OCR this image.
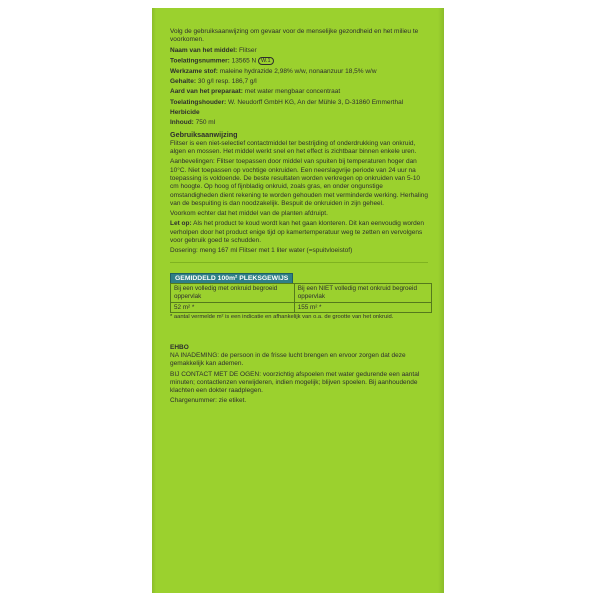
Volg de gebruiksaanwijzing om gevaar voor de menselijke gezondheid en het milieu te voorkomen.

Naam van het middel: Flitser

Toelatingsnummer: 13565 N W.1

Werkzame stof: maleine hydrazide 2,98% w/w, nonaanzuur 18,5% w/w

Gehalte: 30 g/l resp. 186,7 g/l

Aard van het preparaat: met water mengbaar concentraat

Toelatingshouder: W. Neudorff GmbH KG, An der Mühle 3, D-31860 Emmerthal

Herbicide

Inhoud: 750 ml

Gebruiksaanwijzing

Flitser is een niet-selectief contactmiddel ter bestrijding of onderdrukking van onkruid, algen en mossen. Het middel werkt snel en het effect is zichtbaar binnen enkele uren.

Aanbevelingen: Flitser toepassen door middel van spuiten bij temperaturen hoger dan 10°C. Niet toepassen op vochtige onkruiden. Een neerslagvrije periode van 24 uur na toepassing is voldoende. De beste resultaten worden verkregen op onkruiden van 5-10 cm hoogte. Op hoog of fijnbladig onkruid, zoals gras, en onder ongunstige omstandigheden dient rekening te worden gehouden met verminderde werking. Herhaling van de bespuiting is dan noodzakelijk. Bespuit de onkruiden in zijn geheel.

Voorkom echter dat het middel van de planten afdruipt.

Let op: Als het product te koud wordt kan het gaan klonteren. Dit kan eenvoudig worden verholpen door het product enige tijd op kamertemperatuur weg te zetten en vervolgens voor gebruik goed te schudden.

Dosering: meng 167 ml Flitser met 1 liter water (=spuitvloeistof)

GEMIDDELD 100m² PLEKSGEWIJS
Bij een volledig met onkruid begroeid oppervlak	Bij een NIET volledig met onkruid begroeid oppervlak
52 m² *	155 m² *

* aantal vermelde m² is een indicatie en afhankelijk van o.a. de grootte van het onkruid.

EHBO

NA INADEMING: de persoon in de frisse lucht brengen en ervoor zorgen dat deze gemakkelijk kan ademen.

BIJ CONTACT MET DE OGEN: voorzichtig afspoelen met water gedurende een aantal minuten; contactlenzen verwijderen, indien mogelijk; blijven spoelen. Bij aanhoudende klachten een dokter raadplegen.

Chargenummer: zie etiket.
